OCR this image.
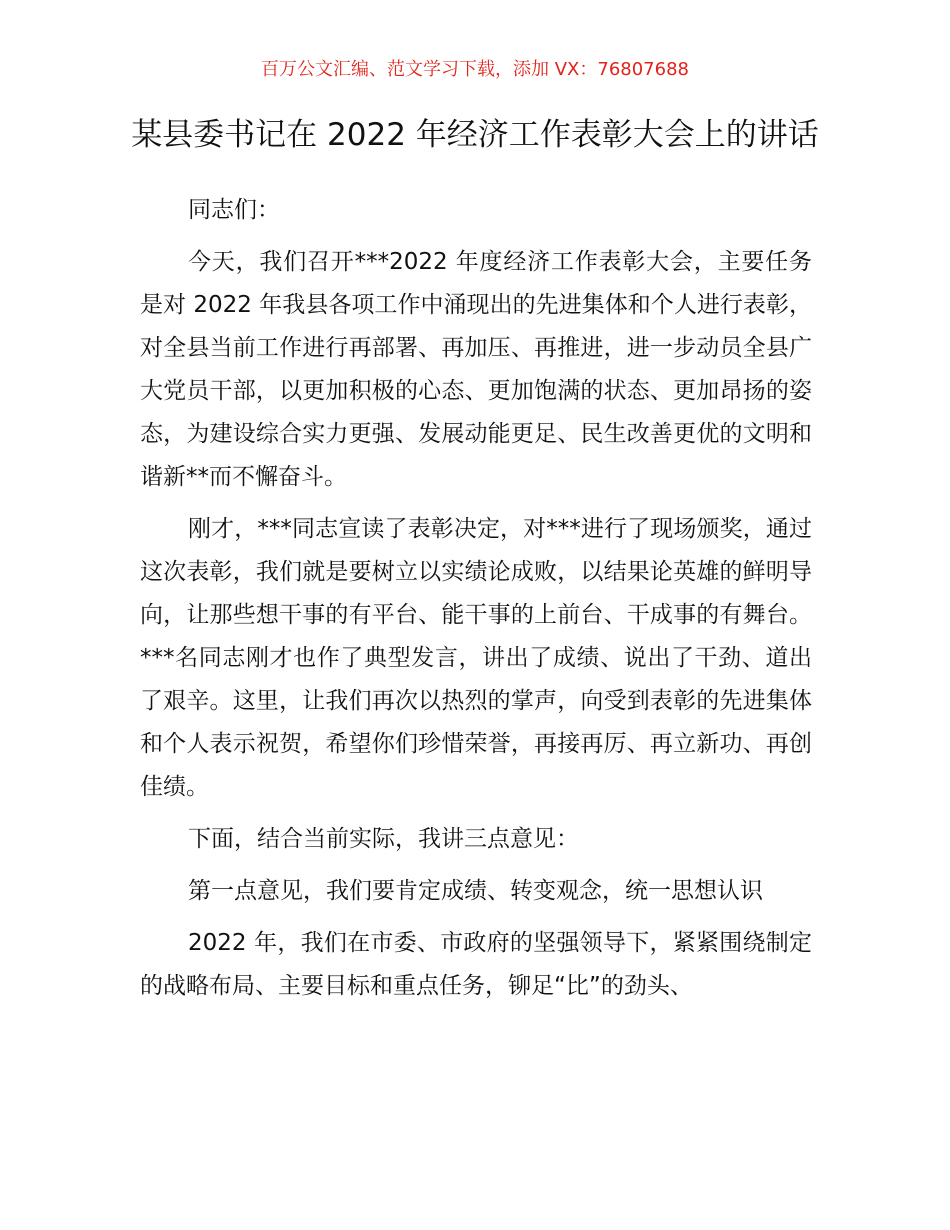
百万公文汇编、范文学习下载，添加 VX：76807688
某县委书记在 2022 年经济工作表彰大会上的讲话

同志们：

今天，我们召开***2022 年度经济工作表彰大会，主要任务是对 2022 年我县各项工作中涌现出的先进集体和个人进行表彰，对全县当前工作进行再部署、再加压、再推进，进一步动员全县广大党员干部，以更加积极的心态、更加饱满的状态、更加昂扬的姿态，为建设综合实力更强、发展动能更足、民生改善更优的文明和谐新**而不懈奋斗。

刚才，***同志宣读了表彰决定，对***进行了现场颁奖，通过这次表彰，我们就是要树立以实绩论成败，以结果论英雄的鲜明导向，让那些想干事的有平台、能干事的上前台、干成事的有舞台。***名同志刚才也作了典型发言，讲出了成绩、说出了干劲、道出了艰辛。这里，让我们再次以热烈的掌声，向受到表彰的先进集体和个人表示祝贺，希望你们珍惜荣誉，再接再厉、再立新功、再创佳绩。

下面，结合当前实际，我讲三点意见：

第一点意见，我们要肯定成绩、转变观念，统一思想认识

2022 年，我们在市委、市政府的坚强领导下，紧紧围绕制定的战略布局、主要目标和重点任务，铆足“比”的劲头、
